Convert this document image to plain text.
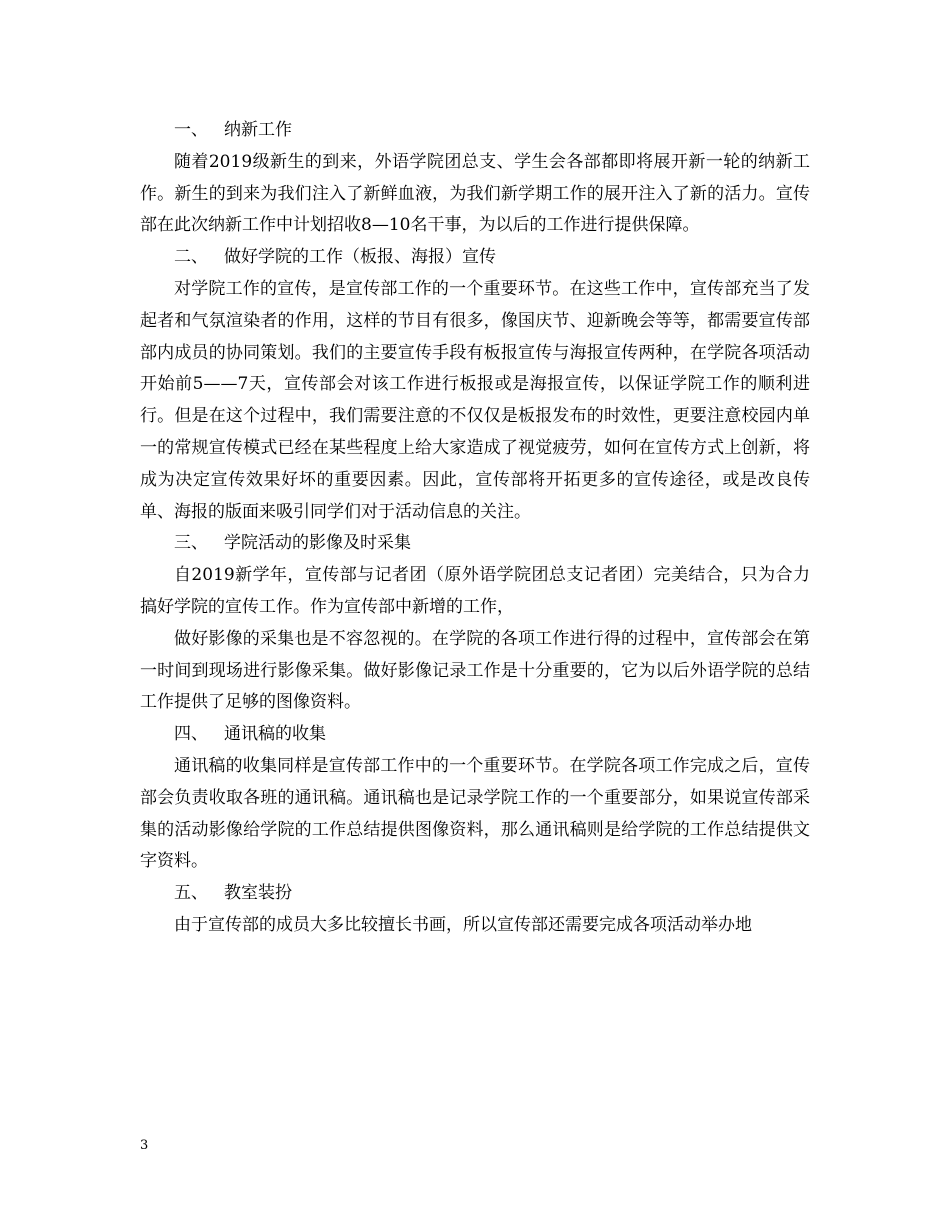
一、 纳新工作

随着2019级新生的到来，外语学院团总支、学生会各部都即将展开新一轮的纳新工作。新生的到来为我们注入了新鲜血液，为我们新学期工作的展开注入了新的活力。宣传部在此次纳新工作中计划招收8—10名干事，为以后的工作进行提供保障。

二、 做好学院的工作（板报、海报）宣传

对学院工作的宣传，是宣传部工作的一个重要环节。在这些工作中，宣传部充当了发起者和气氛渲染者的作用，这样的节目有很多，像国庆节、迎新晚会等等，都需要宣传部部内成员的协同策划。我们的主要宣传手段有板报宣传与海报宣传两种，在学院各项活动开始前5——7天，宣传部会对该工作进行板报或是海报宣传，以保证学院工作的顺利进行。但是在这个过程中，我们需要注意的不仅仅是板报发布的时效性，更要注意校园内单一的常规宣传模式已经在某些程度上给大家造成了视觉疲劳，如何在宣传方式上创新，将成为决定宣传效果好坏的重要因素。因此，宣传部将开拓更多的宣传途径，或是改良传单、海报的版面来吸引同学们对于活动信息的关注。

三、 学院活动的影像及时采集

自2019新学年，宣传部与记者团（原外语学院团总支记者团）完美结合，只为合力搞好学院的宣传工作。作为宣传部中新增的工作，

做好影像的采集也是不容忽视的。在学院的各项工作进行得的过程中，宣传部会在第一时间到现场进行影像采集。做好影像记录工作是十分重要的，它为以后外语学院的总结工作提供了足够的图像资料。

四、 通讯稿的收集

通讯稿的收集同样是宣传部工作中的一个重要环节。在学院各项工作完成之后，宣传部会负责收取各班的通讯稿。通讯稿也是记录学院工作的一个重要部分，如果说宣传部采集的活动影像给学院的工作总结提供图像资料，那么通讯稿则是给学院的工作总结提供文字资料。

五、 教室装扮

由于宣传部的成员大多比较擅长书画，所以宣传部还需要完成各项活动举办地

3
